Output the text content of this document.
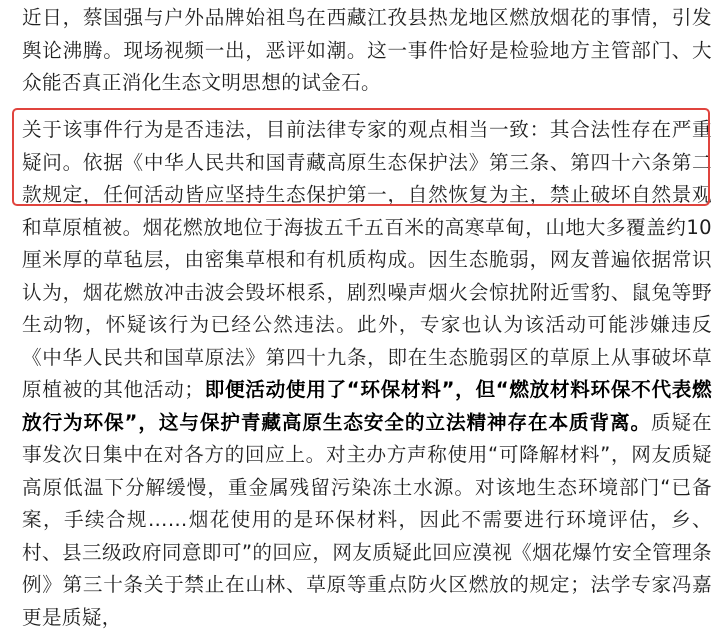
近日，蔡国强与户外品牌始祖鸟在西藏江孜县热龙地区燃放烟花的事情，引发舆论沸腾。现场视频一出，恶评如潮。这一事件恰好是检验地方主管部门、大众能否真正消化生态文明思想的试金石。

关于该事件行为是否违法，目前法律专家的观点相当一致：其合法性存在严重疑问。依据《中华人民共和国青藏高原生态保护法》第三条、第四十六条第二款规定，任何活动皆应坚持生态保护第一，自然恢复为主，禁止破坏自然景观和草原植被。烟花燃放地位于海拔五千五百米的高寒草甸，山地大多覆盖约10厘米厚的草毡层，由密集草根和有机质构成。因生态脆弱，网友普遍依据常识认为，烟花燃放冲击波会毁坏根系，剧烈噪声烟火会惊扰附近雪豹、鼠兔等野生动物，怀疑该行为已经公然违法。此外，专家也认为该活动可能涉嫌违反《中华人民共和国草原法》第四十九条，即在生态脆弱区的草原上从事破坏草原植被的其他活动；即便活动使用了“环保材料”，但“燃放材料环保不代表燃放行为环保”，这与保护青藏高原生态安全的立法精神存在本质背离。质疑在事发次日集中在对各方的回应上。对主办方声称使用“可降解材料”，网友质疑高原低温下分解缓慢，重金属残留污染冻土水源。对该地生态环境部门“已备案，手续合规……烟花使用的是环保材料，因此不需要进行环境评估，乡、村、县三级政府同意即可”的回应，网友质疑此回应漠视《烟花爆竹安全管理条例》第三十条关于禁止在山林、草原等重点防火区燃放的规定；法学专家冯嘉更是质疑，
